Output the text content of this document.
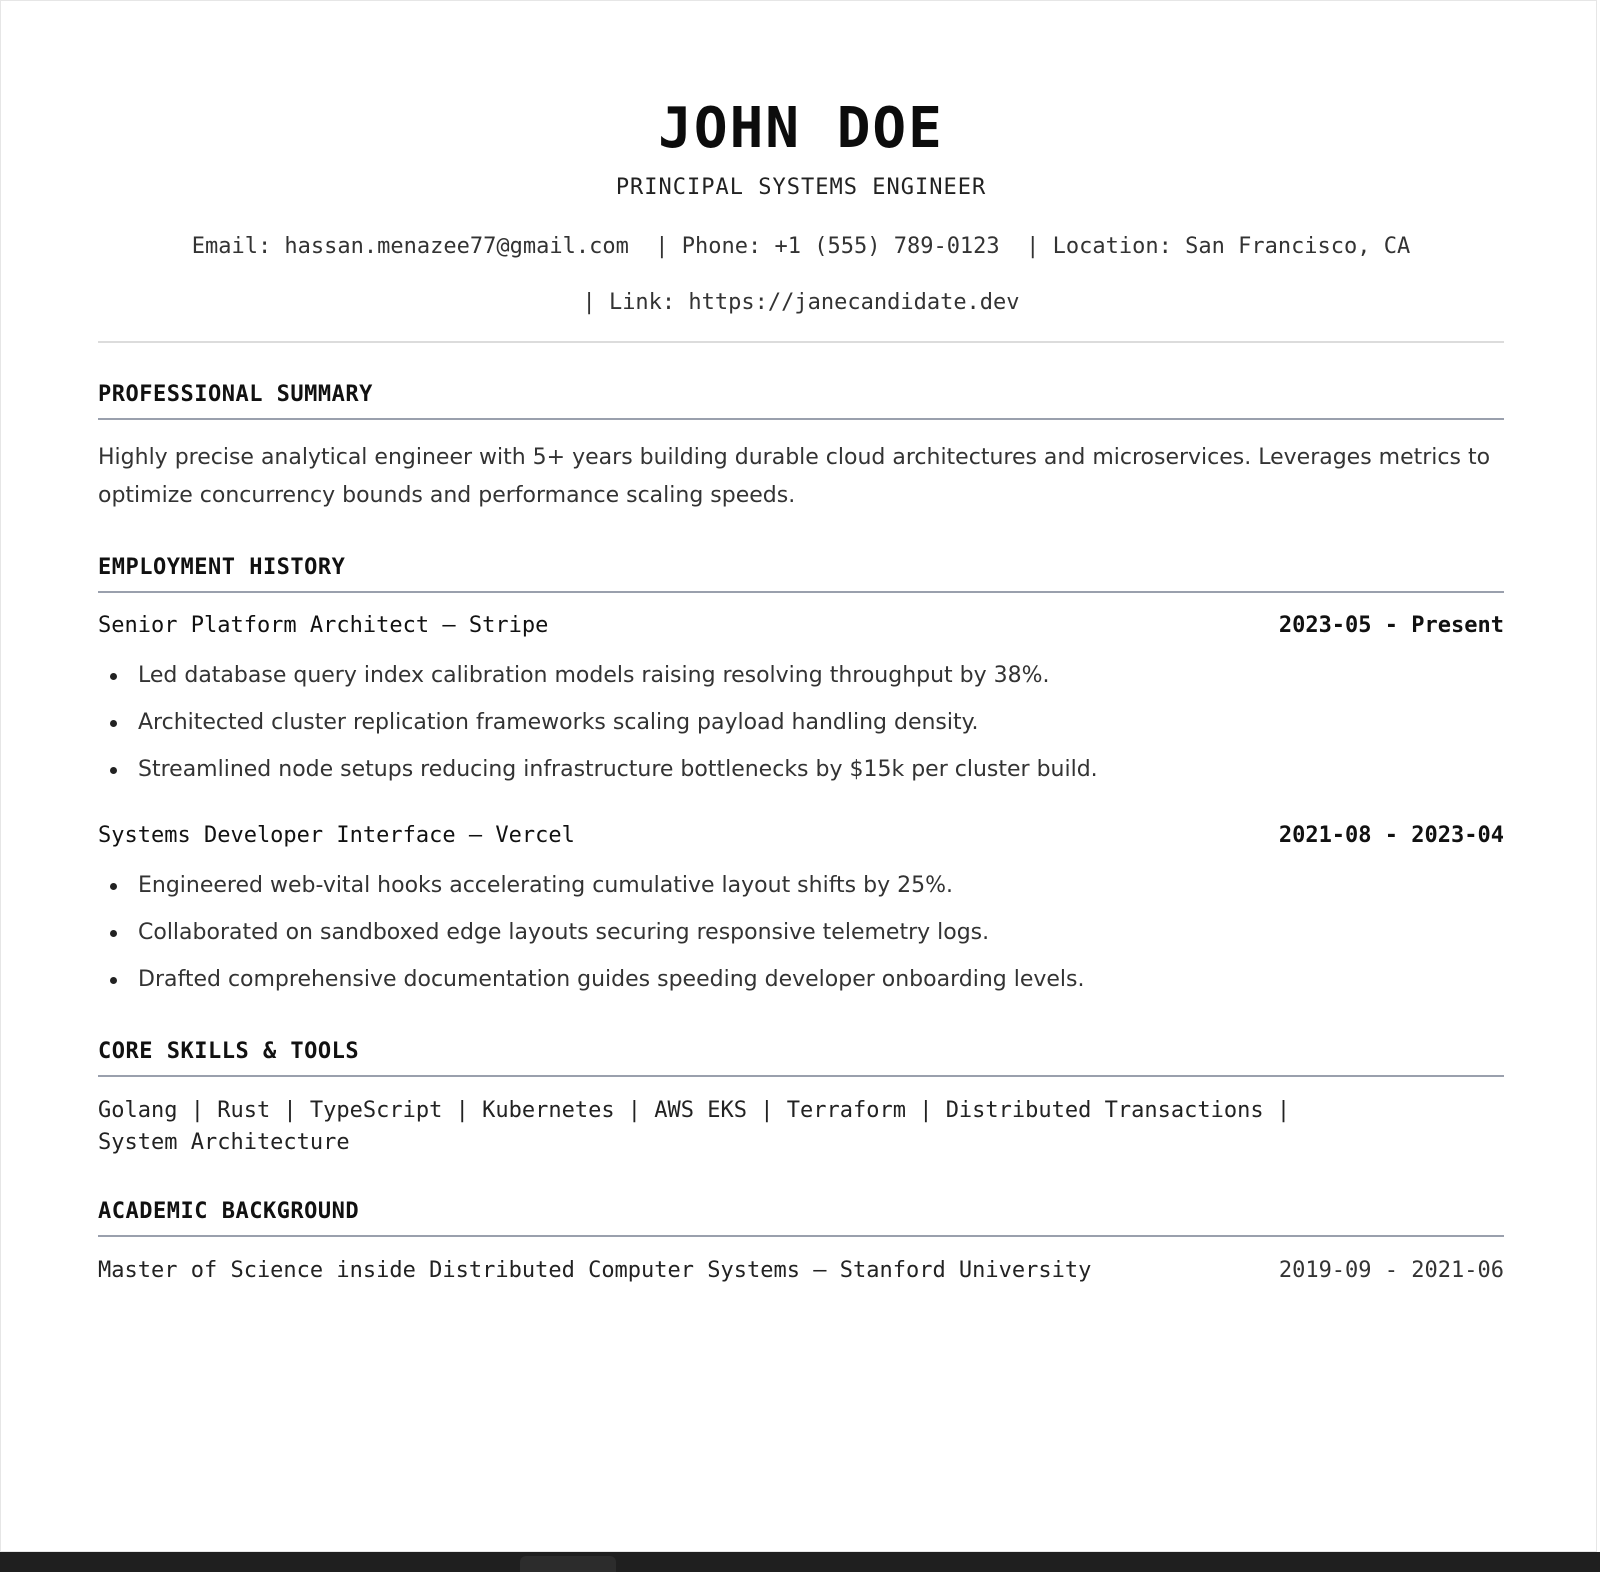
JOHN DOE
PRINCIPAL SYSTEMS ENGINEER
Email: hassan.menazee77@gmail.com  | Phone: +1 (555) 789-0123  | Location: San Francisco, CA
| Link: https://janecandidate.dev
PROFESSIONAL SUMMARY
Highly precise analytical engineer with 5+ years building durable cloud architectures and microservices. Leverages metrics to optimize concurrency bounds and performance scaling speeds.
EMPLOYMENT HISTORY
Senior Platform Architect — Stripe	2023-05 - Present
Led database query index calibration models raising resolving throughput by 38%.
Architected cluster replication frameworks scaling payload handling density.
Streamlined node setups reducing infrastructure bottlenecks by $15k per cluster build.
Systems Developer Interface — Vercel	2021-08 - 2023-04
Engineered web-vital hooks accelerating cumulative layout shifts by 25%.
Collaborated on sandboxed edge layouts securing responsive telemetry logs.
Drafted comprehensive documentation guides speeding developer onboarding levels.
CORE SKILLS & TOOLS
Golang | Rust | TypeScript | Kubernetes | AWS EKS | Terraform | Distributed Transactions |
System Architecture
ACADEMIC BACKGROUND
Master of Science inside Distributed Computer Systems — Stanford University	2019-09 - 2021-06
